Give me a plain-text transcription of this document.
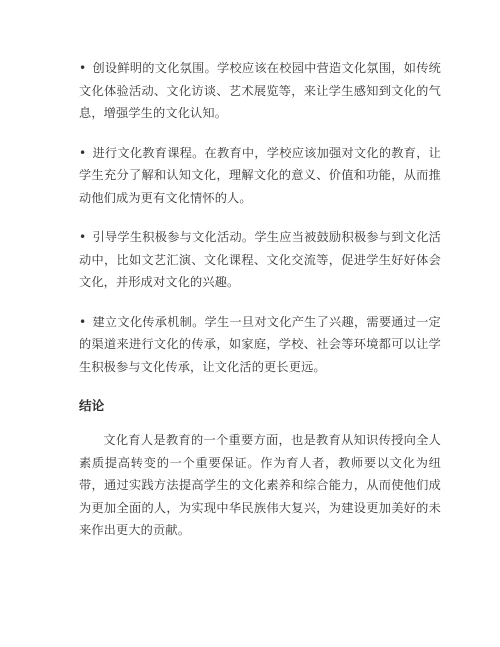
• 创设鲜明的文化氛围。学校应该在校园中营造文化氛围，如传统文化体验活动、文化访谈、艺术展览等，来让学生感知到文化的气息，增强学生的文化认知。

• 进行文化教育课程。在教育中，学校应该加强对文化的教育，让学生充分了解和认知文化，理解文化的意义、价值和功能，从而推动他们成为更有文化情怀的人。

• 引导学生积极参与文化活动。学生应当被鼓励积极参与到文化活动中，比如文艺汇演、文化课程、文化交流等，促进学生好好体会文化，并形成对文化的兴趣。

• 建立文化传承机制。学生一旦对文化产生了兴趣，需要通过一定的渠道来进行文化的传承，如家庭，学校、社会等环境都可以让学生积极参与文化传承，让文化活的更长更远。

结论

文化育人是教育的一个重要方面，也是教育从知识传授向全人素质提高转变的一个重要保证。作为育人者，教师要以文化为纽带，通过实践方法提高学生的文化素养和综合能力，从而使他们成为更加全面的人，为实现中华民族伟大复兴，为建设更加美好的未来作出更大的贡献。
